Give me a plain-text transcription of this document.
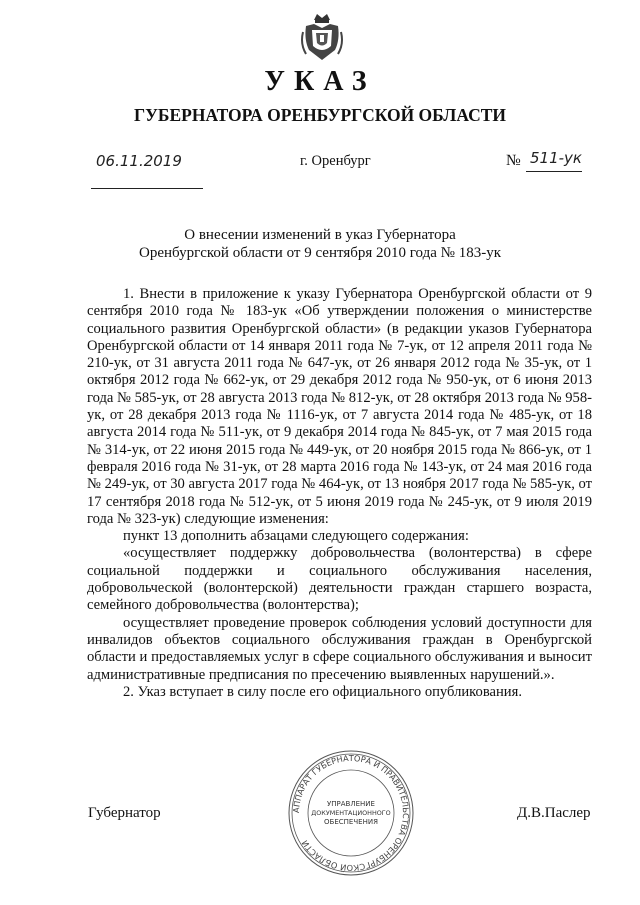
УКАЗ
ГУБЕРНАТОРА ОРЕНБУРГСКОЙ ОБЛАСТИ
06.11.2019	г. Оренбург	№ 511-ук
О внесении изменений в указ Губернатора
Оренбургской области от 9 сентября 2010 года № 183-ук

1. Внести в приложение к указу Губернатора Оренбургской области от 9 сентября 2010 года № 183-ук «Об утверждении положения о министерстве социального развития Оренбургской области» (в редакции указов Губернатора Оренбургской области от 14 января 2011 года № 7-ук, от 12 апреля 2011 года № 210-ук, от 31 августа 2011 года № 647-ук, от 26 января 2012 года № 35-ук, от 1 октября 2012 года № 662-ук, от 29 декабря 2012 года № 950-ук, от 6 июня 2013 года № 585-ук, от 28 августа 2013 года № 812-ук, от 28 октября 2013 года № 958-ук, от 28 декабря 2013 года № 1116-ук, от 7 августа 2014 года № 485-ук, от 18 августа 2014 года № 511-ук, от 9 декабря 2014 года № 845-ук, от 7 мая 2015 года № 314-ук, от 22 июня 2015 года № 449-ук, от 20 ноября 2015 года № 866-ук, от 1 февраля 2016 года № 31-ук, от 28 марта 2016 года № 143-ук, от 24 мая 2016 года № 249-ук, от 30 августа 2017 года № 464-ук, от 13 ноября 2017 года № 585-ук, от 17 сентября 2018 года № 512-ук, от 5 июня 2019 года № 245-ук, от 9 июля 2019 года № 323-ук) следующие изменения:

пункт 13 дополнить абзацами следующего содержания:

«осуществляет поддержку добровольчества (волонтерства) в сфере социальной поддержки и социального обслуживания населения, добровольческой (волонтерской) деятельности граждан старшего возраста, семейного добровольчества (волонтерства);

осуществляет проведение проверок соблюдения условий доступности для инвалидов объектов социального обслуживания граждан в Оренбургской области и предоставляемых услуг в сфере социального обслуживания и выносит административные предписания по пресечению выявленных нарушений.».

2. Указ вступает в силу после его официального опубликования.

Губернатор	Д.В.Паслер
АППАРАТ ГУБЕРНАТОРА И ПРАВИТЕЛЬСТВА ОРЕНБУРГСКОЙ ОБЛАСТИ
УПРАВЛЕНИЕ
ДОКУМЕНТАЦИОННОГО
ОБЕСПЕЧЕНИЯ
